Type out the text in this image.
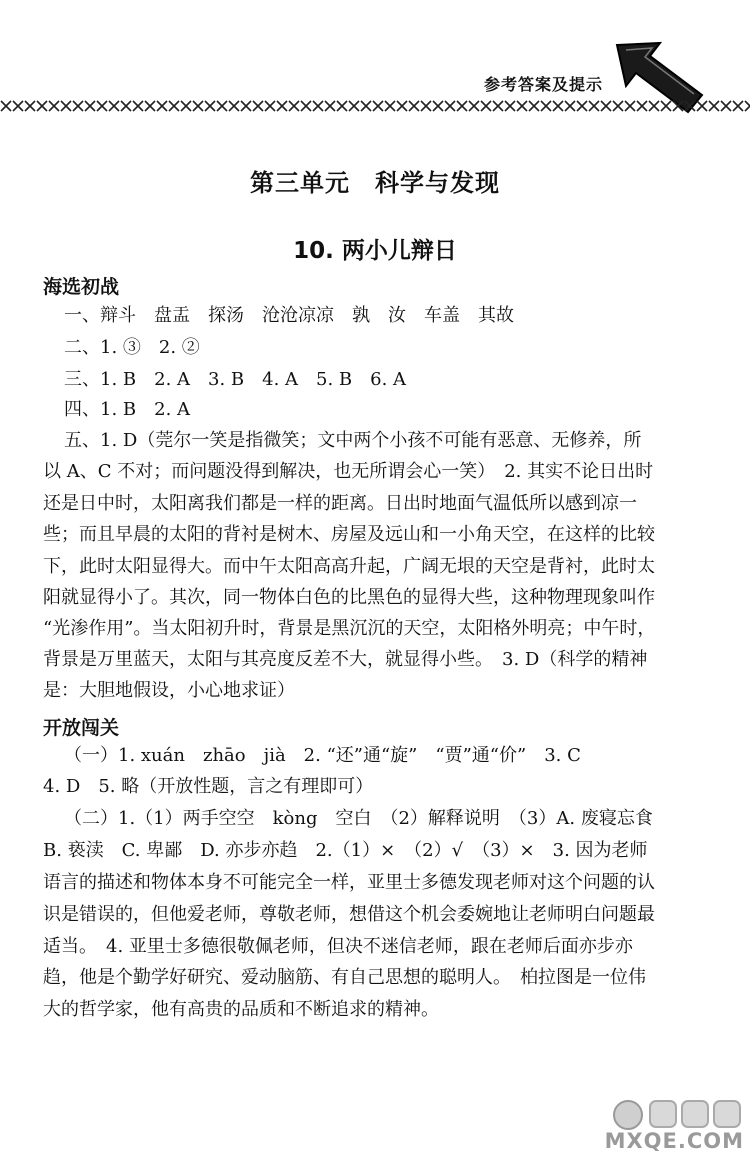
参考答案及提示
第三单元　科学与发现
10. 两小儿辩日
海选初战
一、辩斗　盘盂　探汤　沧沧凉凉　孰　汝　车盖　其故
二、1. ③　2. ②
三、1. B　2. A　3. B　4. A　5. B　6. A
四、1. B　2. A
五、1. D（莞尔一笑是指微笑；文中两个小孩不可能有恶意、无修养，所
以 A、C 不对；而问题没得到解决，也无所谓会心一笑）　2. 其实不论日出时
还是日中时，太阳离我们都是一样的距离。日出时地面气温低所以感到凉一
些；而且早晨的太阳的背衬是树木、房屋及远山和一小角天空，在这样的比较
下，此时太阳显得大。而中午太阳高高升起，广阔无垠的天空是背衬，此时太
阳就显得小了。其次，同一物体白色的比黑色的显得大些，这种物理现象叫作
“光渗作用”。当太阳初升时，背景是黑沉沉的天空，太阳格外明亮；中午时，
背景是万里蓝天，太阳与其亮度反差不大，就显得小些。　3. D（科学的精神
是：大胆地假设，小心地求证）
开放闯关
（一）1. xuán　zhāo　jià　2. “还”通“旋”　“贾”通“价”　3. C
4. D　5. 略（开放性题，言之有理即可）
（二）1.（1）两手空空　kòng　空白　（2）解释说明　（3）A. 废寝忘食
B. 亵渎　C. 卑鄙　D. 亦步亦趋　2.（1）×　（2）√　（3）×　3. 因为老师
语言的描述和物体本身不可能完全一样，亚里士多德发现老师对这个问题的认
识是错误的，但他爱老师，尊敬老师，想借这个机会委婉地让老师明白问题最
适当。　4. 亚里士多德很敬佩老师，但决不迷信老师，跟在老师后面亦步亦
趋，他是个勤学好研究、爱动脑筋、有自己思想的聪明人。　柏拉图是一位伟
大的哲学家，他有高贵的品质和不断追求的精神。
MXQE.COM
